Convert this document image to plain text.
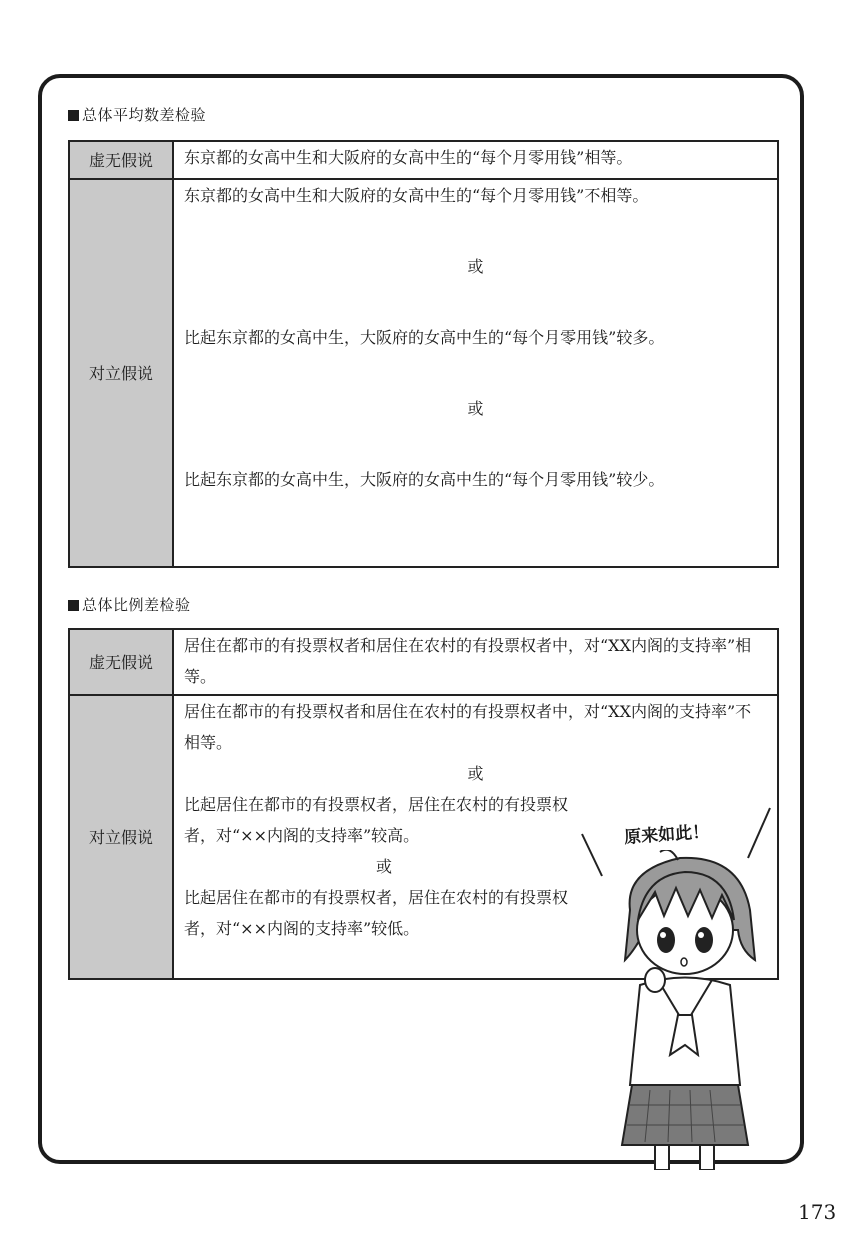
总体平均数差检验
虚无假说	东京都的女高中生和大阪府的女高中生的“每个月零用钱”相等。
对立假说	东京都的女高中生和大阪府的女高中生的“每个月零用钱”不相等。
或
比起东京都的女高中生，大阪府的女高中生的“每个月零用钱”较多。
或
比起东京都的女高中生，大阪府的女高中生的“每个月零用钱”较少。
总体比例差检验
虚无假说	居住在都市的有投票权者和居住在农村的有投票权者中，对“XX内阁的支持率”相等。
对立假说	居住在都市的有投票权者和居住在农村的有投票权者中，对“XX内阁的支持率”不相等。
或
比起居住在都市的有投票权者，居住在农村的有投票权者，对“××内阁的支持率”较高。
或
比起居住在都市的有投票权者，居住在农村的有投票权者，对“××内阁的支持率”较低。
原来如此！
173
